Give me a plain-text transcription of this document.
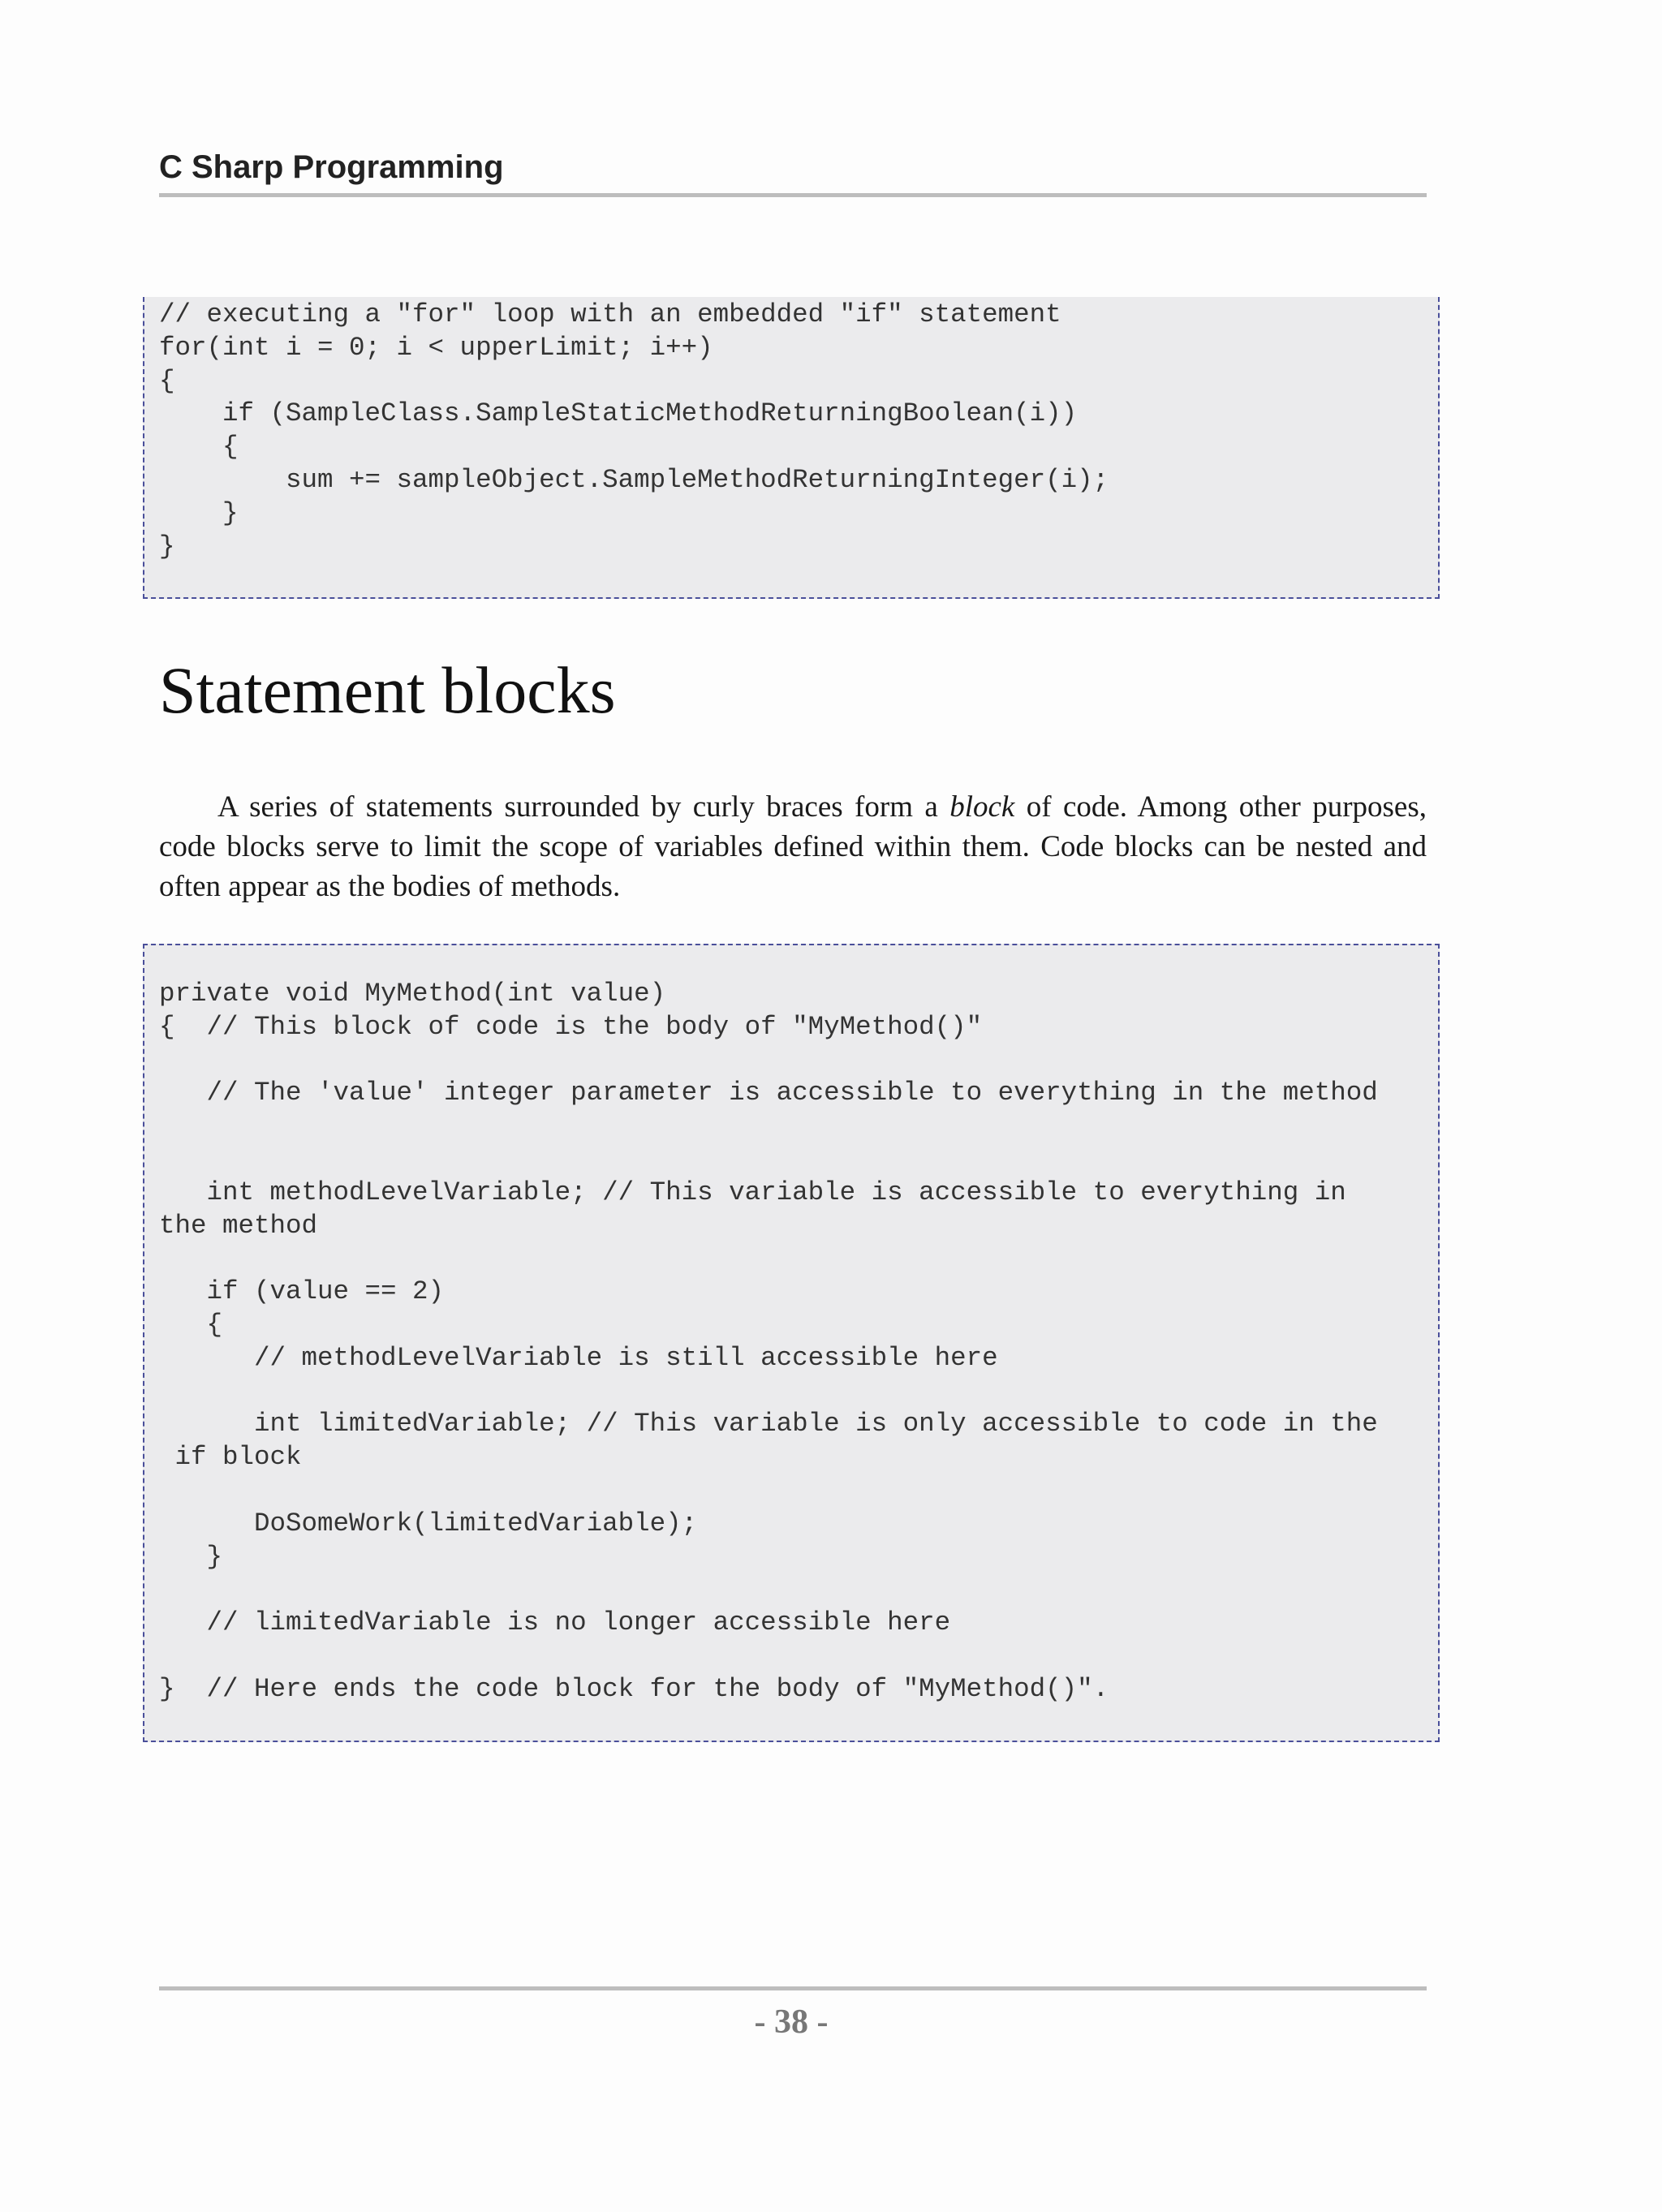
C Sharp Programming
// executing a "for" loop with an embedded "if" statement
for(int i = 0; i < upperLimit; i++)
{
if (SampleClass.SampleStaticMethodReturningBoolean(i))
{
sum += sampleObject.SampleMethodReturningInteger(i);
}
}
Statement blocks

A series of statements surrounded by curly braces form a block of code. Among other purposes, code blocks serve to limit the scope of variables defined within them. Code blocks can be nested and often appear as the bodies of methods.

private void MyMethod(int value)
{  // This block of code is the body of "MyMethod()"

// The 'value' integer parameter is accessible to everything in the method

int methodLevelVariable; // This variable is accessible to everything in
the method

if (value == 2)
{
// methodLevelVariable is still accessible here

int limitedVariable; // This variable is only accessible to code in the
if block

DoSomeWork(limitedVariable);
}

// limitedVariable is no longer accessible here

}  // Here ends the code block for the body of "MyMethod()".
- 38 -
